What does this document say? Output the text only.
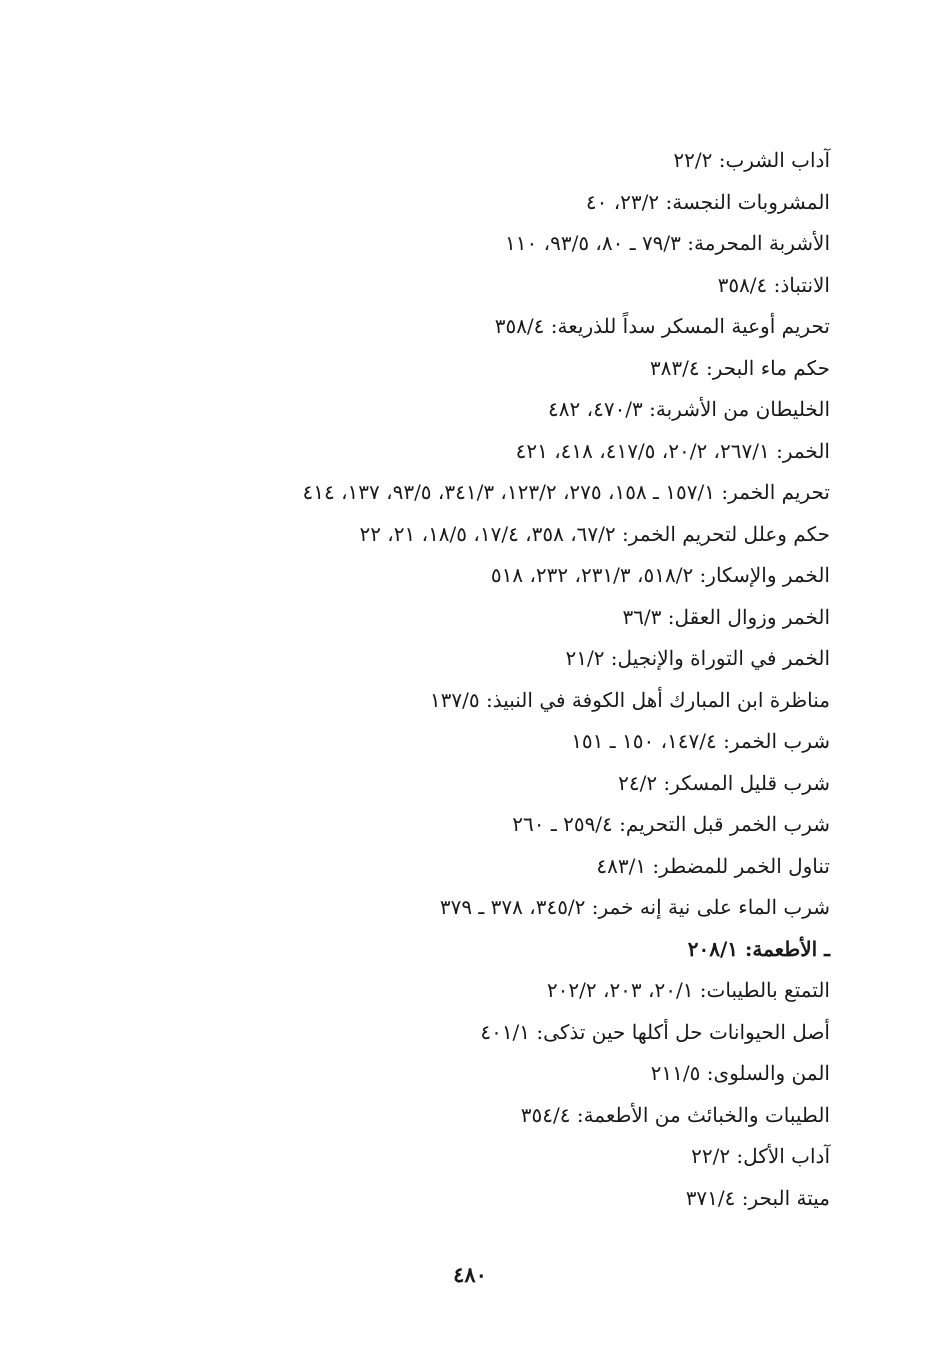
آداب الشرب: ٢٢/٢
المشروبات النجسة: ٢٣/٢، ٤٠
الأشربة المحرمة: ٧٩/٣ ـ ٨٠، ٩٣/٥، ١١٠
الانتباذ: ٣٥٨/٤
تحريم أوعية المسكر سداً للذريعة: ٣٥٨/٤
حكم ماء البحر: ٣٨٣/٤
الخليطان من الأشربة: ٤٧٠/٣، ٤٨٢
الخمر: ٢٦٧/١، ٢٠/٢، ٤١٧/٥، ٤١٨، ٤٢١
تحريم الخمر: ١٥٧/١ ـ ١٥٨، ٢٧٥، ١٢٣/٢، ٣٤١/٣، ٩٣/٥، ١٣٧، ٤١٤
حكم وعلل لتحريم الخمر: ٦٧/٢، ٣٥٨، ١٧/٤، ١٨/٥، ٢١، ٢٢
الخمر والإسكار: ٥١٨/٢، ٢٣١/٣، ٢٣٢، ٥١٨
الخمر وزوال العقل: ٣٦/٣
الخمر في التوراة والإنجيل: ٢١/٢
مناظرة ابن المبارك أهل الكوفة في النبيذ: ١٣٧/٥
شرب الخمر: ١٤٧/٤، ١٥٠ ـ ١٥١
شرب قليل المسكر: ٢٤/٢
شرب الخمر قبل التحريم: ٢٥٩/٤ ـ ٢٦٠
تناول الخمر للمضطر: ٤٨٣/١
شرب الماء على نية إنه خمر: ٣٤٥/٢، ٣٧٨ ـ ٣٧٩
ـ الأطعمة: ٢٠٨/١
التمتع بالطيبات: ٢٠/١، ٢٠٣، ٢٠٢/٢
أصل الحيوانات حل أكلها حين تذكى: ٤٠١/١
المن والسلوى: ٢١١/٥
الطيبات والخبائث من الأطعمة: ٣٥٤/٤
آداب الأكل: ٢٢/٢
ميتة البحر: ٣٧١/٤
٤٨٠
